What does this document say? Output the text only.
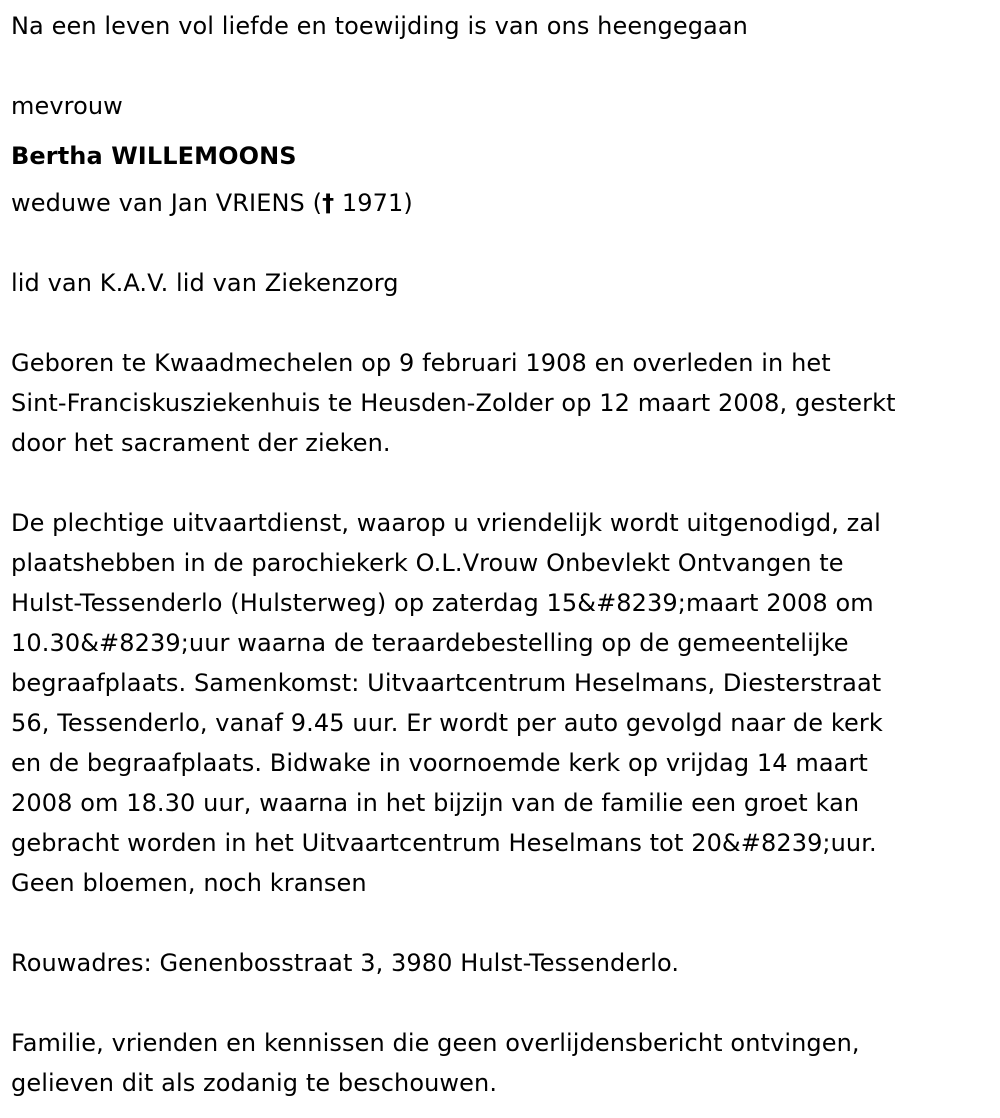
Na een leven vol liefde en toewijding is van ons heengegaan
mevrouw
Bertha WILLEMOONS
weduwe van Jan VRIENS († 1971)
lid van K.A.V. lid van Ziekenzorg
Geboren te Kwaadmechelen op 9 februari 1908 en overleden in het
Sint-Franciskusziekenhuis te Heusden-Zolder op 12 maart 2008, gesterkt
door het sacrament der zieken.
De plechtige uitvaartdienst, waarop u vriendelijk wordt uitgenodigd, zal
plaatshebben in de parochiekerk O.L.Vrouw Onbevlekt Ontvangen te
Hulst-Tessenderlo (Hulsterweg) op zaterdag 15&#8239;maart 2008 om
10.30&#8239;uur waarna de teraardebestelling op de gemeentelijke
begraafplaats. Samenkomst: Uitvaartcentrum Heselmans, Diesterstraat
56, Tessenderlo, vanaf 9.45 uur. Er wordt per auto gevolgd naar de kerk
en de begraafplaats. Bidwake in voornoemde kerk op vrijdag 14 maart
2008 om 18.30 uur, waarna in het bijzijn van de familie een groet kan
gebracht worden in het Uitvaartcentrum Heselmans tot 20&#8239;uur.
Geen bloemen, noch kransen
Rouwadres: Genenbosstraat 3, 3980 Hulst-Tessenderlo.
Familie, vrienden en kennissen die geen overlijdensbericht ontvingen,
gelieven dit als zodanig te beschouwen.
